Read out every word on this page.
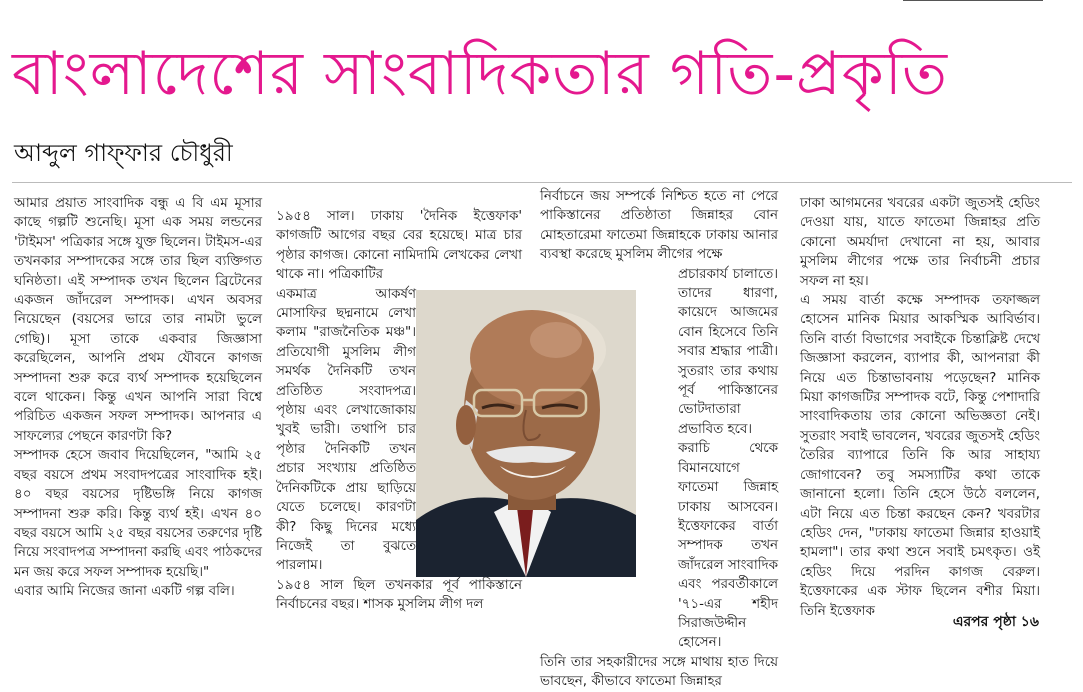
বাংলাদেশের সাংবাদিকতার গতি-প্রকৃতি
আব্দুল গাফ্ফার চৌধুরী

আমার প্রয়াত সাংবাদিক বন্ধু এ বি এম মূসার কাছে গল্পটি শুনেছি। মূসা এক সময় লন্ডনের 'টাইমস' পত্রিকার সঙ্গে যুক্ত ছিলেন। টাইমস-এর তখনকার সম্পাদকের সঙ্গে তার ছিল ব্যক্তিগত ঘনিষ্ঠতা। এই সম্পাদক তখন ছিলেন ব্রিটেনের একজন জাঁদরেল সম্পাদক। এখন অবসর নিয়েছেন (বয়সের ভারে তার নামটা ভুলে গেছি)। মূসা তাকে একবার জিজ্ঞাসা করেছিলেন, আপনি প্রথম যৌবনে কাগজ সম্পাদনা শুরু করে ব্যর্থ সম্পাদক হয়েছিলেন বলে থাকেন। কিন্তু এখন আপনি সারা বিশ্বে পরিচিত একজন সফল সম্পাদক। আপনার এ সাফল্যের পেছনে কারণটা কি?

সম্পাদক হেসে জবাব দিয়েছিলেন, "আমি ২৫ বছর বয়সে প্রথম সংবাদপত্রের সাংবাদিক হই। ৪০ বছর বয়সের দৃষ্টিভঙ্গি নিয়ে কাগজ সম্পাদনা শুরু করি। কিন্তু ব্যর্থ হই। এখন ৪০ বছর বয়সে আমি ২৫ বছর বয়সের তরুণের দৃষ্টি নিয়ে সংবাদপত্র সম্পাদনা করছি এবং পাঠকদের মন জয় করে সফল সম্পাদক হয়েছি।"

এবার আমি নিজের জানা একটি গল্প বলি।

১৯৫৪ সাল। ঢাকায় 'দৈনিক ইত্তেফাক' কাগজটি আগের বছর বের হয়েছে। মাত্র চার পৃষ্ঠার কাগজ। কোনো নামিদামি লেখকের লেখা থাকে না। পত্রিকাটির

একমাত্র আকর্ষণ মোসাফির ছদ্মনামে লেখা কলাম "রাজনৈতিক মঞ্চ"। প্রতিযোগী মুসলিম লীগ সমর্থক দৈনিকটি তখন প্রতিষ্ঠিত সংবাদপত্র। পৃষ্ঠায় এবং লেখাজোকায় খুবই ভারী। তথাপি চার পৃষ্ঠার দৈনিকটি তখন প্রচার সংখ্যায় প্রতিষ্ঠিত দৈনিকটিকে প্রায় ছাড়িয়ে যেতে চলেছে। কারণটা কী? কিছু দিনের মধ্যে নিজেই তা বুঝতে পারলাম।

১৯৫৪ সাল ছিল তখনকার পূর্ব পাকিস্তানে নির্বাচনের বছর। শাসক মুসলিম লীগ দল

নির্বাচনে জয় সম্পর্কে নিশ্চিত হতে না পেরে পাকিস্তানের প্রতিষ্ঠাতা জিন্নাহর বোন মোহতারেমা ফাতেমা জিন্নাহকে ঢাকায় আনার ব্যবস্থা করেছে মুসলিম লীগের পক্ষে

প্রচারকার্য চালাতে। তাদের ধারণা, কায়েদে আজমের বোন হিসেবে তিনি সবার শ্রদ্ধার পাত্রী। সুতরাং তার কথায় পূর্ব পাকিস্তানের ভোটদাতারা প্রভাবিত হবে।

করাচি থেকে বিমানযোগে ফাতেমা জিন্নাহ ঢাকায় আসবেন। ইত্তেফাকের বার্তা সম্পাদক তখন জাঁদরেল সাংবাদিক এবং পরবর্তীকালে '৭১-এর শহীদ সিরাজউদ্দীন হোসেন।

তিনি তার সহকারীদের সঙ্গে মাথায় হাত দিয়ে ভাবছেন, কীভাবে ফাতেমা জিন্নাহর

ঢাকা আগমনের খবরের একটা জুতসই হেডিং দেওয়া যায়, যাতে ফাতেমা জিন্নাহর প্রতি কোনো অমর্যাদা দেখানো না হয়, আবার মুসলিম লীগের পক্ষে তার নির্বাচনী প্রচার সফল না হয়।

এ সময় বার্তা কক্ষে সম্পাদক তফাজ্জল হোসেন মানিক মিয়ার আকস্মিক আবির্ভাব। তিনি বার্তা বিভাগের সবাইকে চিন্তাক্লিষ্ট দেখে জিজ্ঞাসা করলেন, ব্যাপার কী, আপনারা কী নিয়ে এত চিন্তাভাবনায় পড়েছেন? মানিক মিয়া কাগজটির সম্পাদক বটে, কিন্তু পেশাদারি সাংবাদিকতায় তার কোনো অভিজ্ঞতা নেই। সুতরাং সবাই ভাবলেন, খবরের জুতসই হেডিং তৈরির ব্যাপারে তিনি কি আর সাহায্য জোগাবেন? তবু সমস্যাটির কথা তাকে জানানো হলো। তিনি হেসে উঠে বললেন, এটা নিয়ে এত চিন্তা করছেন কেন? খবরটার হেডিং দেন, "ঢাকায় ফাতেমা জিন্নার হাওয়াই হামলা"। তার কথা শুনে সবাই চমৎকৃত। ওই হেডিং দিয়ে পরদিন কাগজ বেরুল। ইত্তেফাকের এক স্টাফ ছিলেন বশীর মিয়া। তিনি ইত্তেফাক

এরপর পৃষ্ঠা ১৬
